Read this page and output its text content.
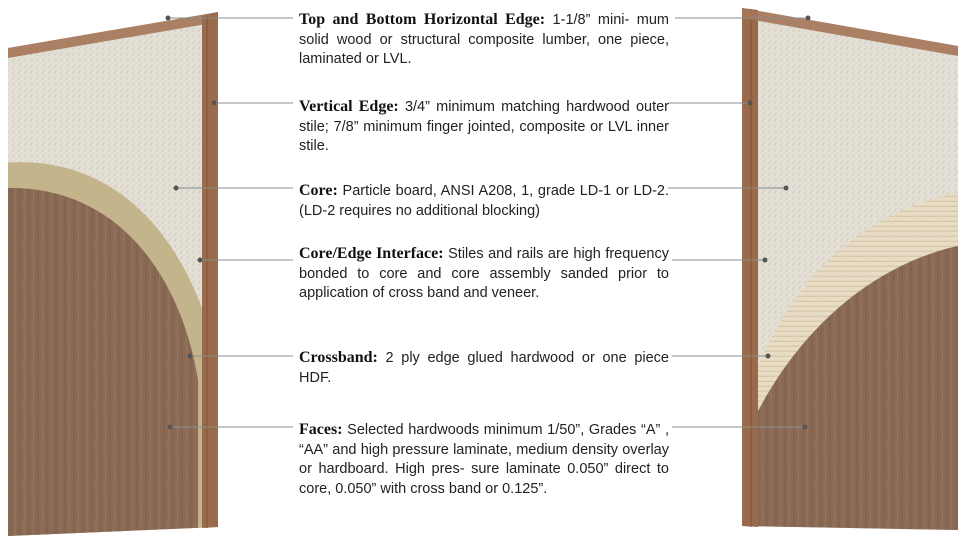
Top and Bottom Horizontal Edge: 1-1/8” mini- mum solid wood or structural composite lumber, one piece, laminated or LVL.
Vertical Edge: 3/4” minimum matching hardwood outer stile; 7/8” minimum finger jointed, composite or LVL inner stile.
Core: Particle board, ANSI A208, 1, grade LD-1 or LD-2. (LD-2 requires no additional blocking)
Core/Edge Interface: Stiles and rails are high frequency bonded to core and core assembly sanded prior to application of cross band and veneer.
Crossband: 2 ply edge glued hardwood or one piece HDF.
Faces: Selected hardwoods minimum 1/50”, Grades “A” , “AA” and high pressure laminate, medium density overlay or hardboard. High pres- sure laminate 0.050” direct to core, 0.050” with cross band or 0.125”.
